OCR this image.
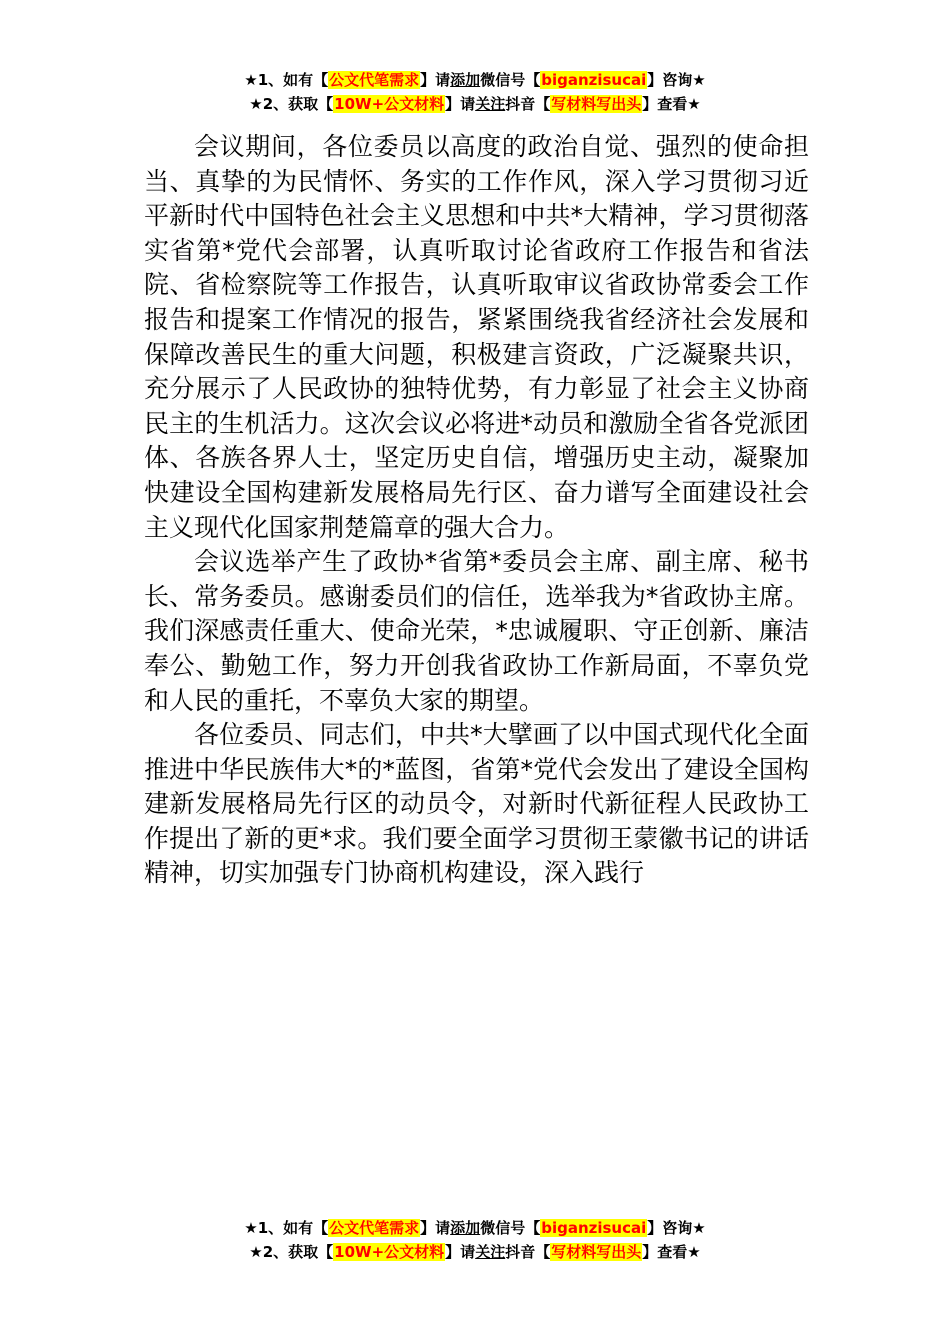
★1、如有【公文代笔需求】请添加微信号【biganzisucai】咨询★
★2、获取【10W+公文材料】请关注抖音【写材料写出头】查看★

会议期间，各位委员以高度的政治自觉、强烈的使命担当、真挚的为民情怀、务实的工作作风，深入学习贯彻习近平新时代中国特色社会主义思想和中共*大精神，学习贯彻落实省第*党代会部署，认真听取讨论省政府工作报告和省法院、省检察院等工作报告，认真听取审议省政协常委会工作报告和提案工作情况的报告，紧紧围绕我省经济社会发展和保障改善民生的重大问题，积极建言资政，广泛凝聚共识，充分展示了人民政协的独特优势，有力彰显了社会主义协商民主的生机活力。这次会议必将进*动员和激励全省各党派团体、各族各界人士，坚定历史自信，增强历史主动，凝聚加快建设全国构建新发展格局先行区、奋力谱写全面建设社会主义现代化国家荆楚篇章的强大合力。

会议选举产生了政协*省第*委员会主席、副主席、秘书长、常务委员。感谢委员们的信任，选举我为*省政协主席。我们深感责任重大、使命光荣，*忠诚履职、守正创新、廉洁奉公、勤勉工作，努力开创我省政协工作新局面，不辜负党和人民的重托，不辜负大家的期望。

各位委员、同志们，中共*大擘画了以中国式现代化全面推进中华民族伟大*的*蓝图，省第*党代会发出了建设全国构建新发展格局先行区的动员令，对新时代新征程人民政协工作提出了新的更*求。我们要全面学习贯彻王蒙徽书记的讲话精神，切实加强专门协商机构建设，深入践行

★1、如有【公文代笔需求】请添加微信号【biganzisucai】咨询★
★2、获取【10W+公文材料】请关注抖音【写材料写出头】查看★
